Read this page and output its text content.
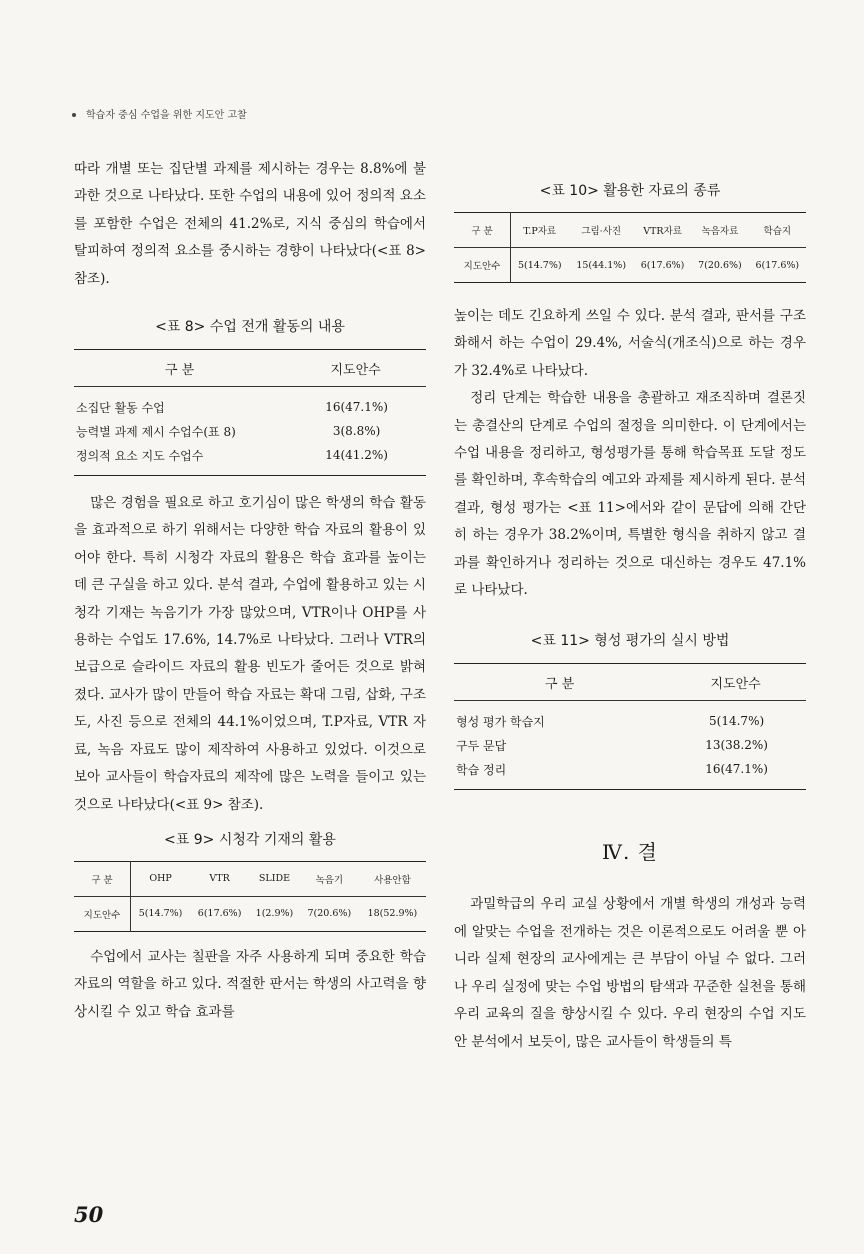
학습자 중심 수업을 위한 지도안 고찰

따라 개별 또는 집단별 과제를 제시하는 경우는 8.8%에 불과한 것으로 나타났다. 또한 수업의 내용에 있어 정의적 요소를 포함한 수업은 전체의 41.2%로, 지식 중심의 학습에서 탈피하여 정의적 요소를 중시하는 경향이 나타났다(<표 8>참조).

<표 8> 수업 전개 활동의 내용

구 분	지도안수
소집단 활동 수업	16(47.1%)
능력별 과제 제시 수업수(표 8)	3(8.8%)
정의적 요소 지도 수업수	14(41.2%)

많은 경험을 필요로 하고 호기심이 많은 학생의 학습 활동을 효과적으로 하기 위해서는 다양한 학습 자료의 활용이 있어야 한다. 특히 시청각 자료의 활용은 학습 효과를 높이는 데 큰 구실을 하고 있다. 분석 결과, 수업에 활용하고 있는 시청각 기재는 녹음기가 가장 많았으며, VTR이나 OHP를 사용하는 수업도 17.6%, 14.7%로 나타났다. 그러나 VTR의 보급으로 슬라이드 자료의 활용 빈도가 줄어든 것으로 밝혀졌다. 교사가 많이 만들어 학습 자료는 확대 그림, 삽화, 구조도, 사진 등으로 전체의 44.1%이었으며, T.P자료, VTR 자료, 녹음 자료도 많이 제작하여 사용하고 있었다. 이것으로 보아 교사들이 학습자료의 제작에 많은 노력을 들이고 있는 것으로 나타났다(<표 9> 참조).

<표 9> 시청각 기재의 활용

구 분	OHP	VTR	SLIDE	녹음기	사용안함
지도안수	5(14.7%)	6(17.6%)	1(2.9%)	7(20.6%)	18(52.9%)

수업에서 교사는 칠판을 자주 사용하게 되며 중요한 학습 자료의 역할을 하고 있다. 적절한 판서는 학생의 사고력을 향상시킬 수 있고 학습 효과를

<표 10> 활용한 자료의 종류

구 분	T.P자료	그림·사진	VTR자료	녹음자료	학습지
지도안수	5(14.7%)	15(44.1%)	6(17.6%)	7(20.6%)	6(17.6%)

높이는 데도 긴요하게 쓰일 수 있다. 분석 결과, 판서를 구조화해서 하는 수업이 29.4%, 서술식(개조식)으로 하는 경우가 32.4%로 나타났다.

정리 단계는 학습한 내용을 총괄하고 재조직하며 결론짓는 총결산의 단계로 수업의 절정을 의미한다. 이 단계에서는 수업 내용을 정리하고, 형성평가를 통해 학습목표 도달 정도를 확인하며, 후속학습의 예고와 과제를 제시하게 된다. 분석 결과, 형성 평가는 <표 11>에서와 같이 문답에 의해 간단히 하는 경우가 38.2%이며, 특별한 형식을 취하지 않고 결과를 확인하거나 정리하는 것으로 대신하는 경우도 47.1%로 나타났다.

<표 11> 형성 평가의 실시 방법

구 분	지도안수
형성 평가 학습지	5(14.7%)
구두 문답	13(38.2%)
학습 정리	16(47.1%)

Ⅳ. 결

과밀학급의 우리 교실 상황에서 개별 학생의 개성과 능력에 알맞는 수업을 전개하는 것은 이론적으로도 어려울 뿐 아니라 실제 현장의 교사에게는 큰 부담이 아닐 수 없다. 그러나 우리 실정에 맞는 수업 방법의 탐색과 꾸준한 실천을 통해 우리 교육의 질을 향상시킬 수 있다. 우리 현장의 수업 지도안 분석에서 보듯이, 많은 교사들이 학생들의 특

50
